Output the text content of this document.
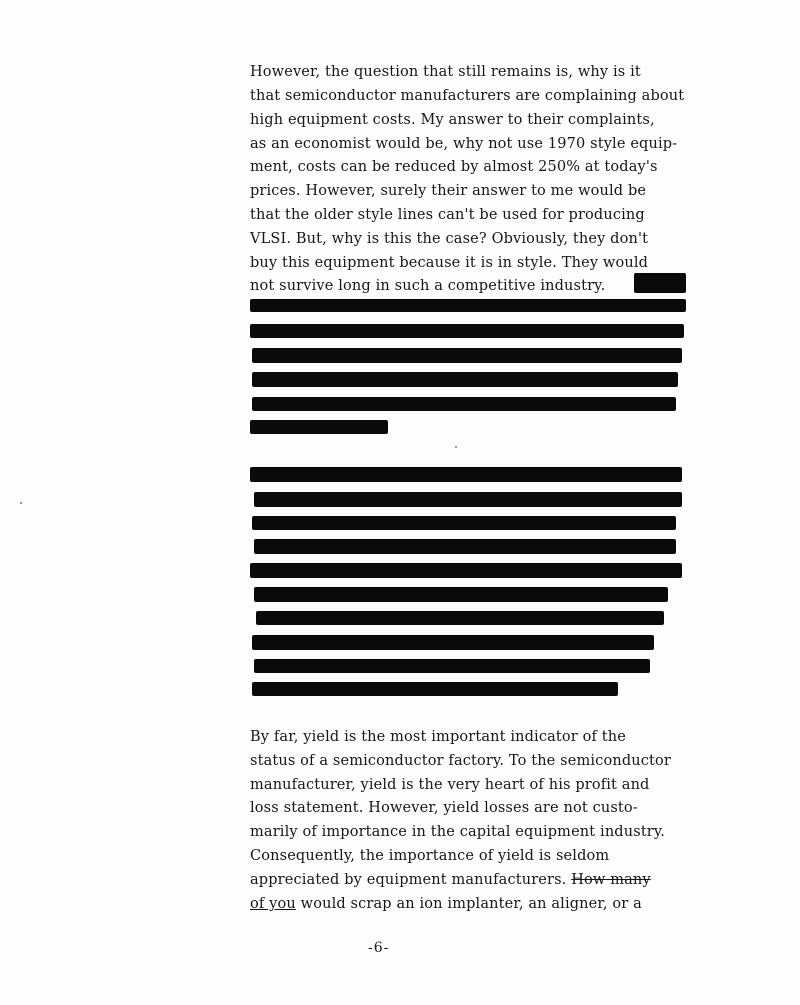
However, the question that still remains is, why is it
that semiconductor manufacturers are complaining about
high equipment costs. My answer to their complaints,
as an economist would be, why not use 1970 style equip-
ment, costs can be reduced by almost 250% at today's
prices. However, surely their answer to me would be
that the older style lines can't be used for producing
VLSI. But, why is this the case? Obviously, they don't
buy this equipment because it is in style. They would
not survive long in such a competitive industry.
By far, yield is the most important indicator of the
status of a semiconductor factory. To the semiconductor
manufacturer, yield is the very heart of his profit and
loss statement. However, yield losses are not custo-
marily of importance in the capital equipment industry.
Consequently, the importance of yield is seldom
appreciated by equipment manufacturers. How many
of you would scrap an ion implanter, an aligner, or a
-6-
